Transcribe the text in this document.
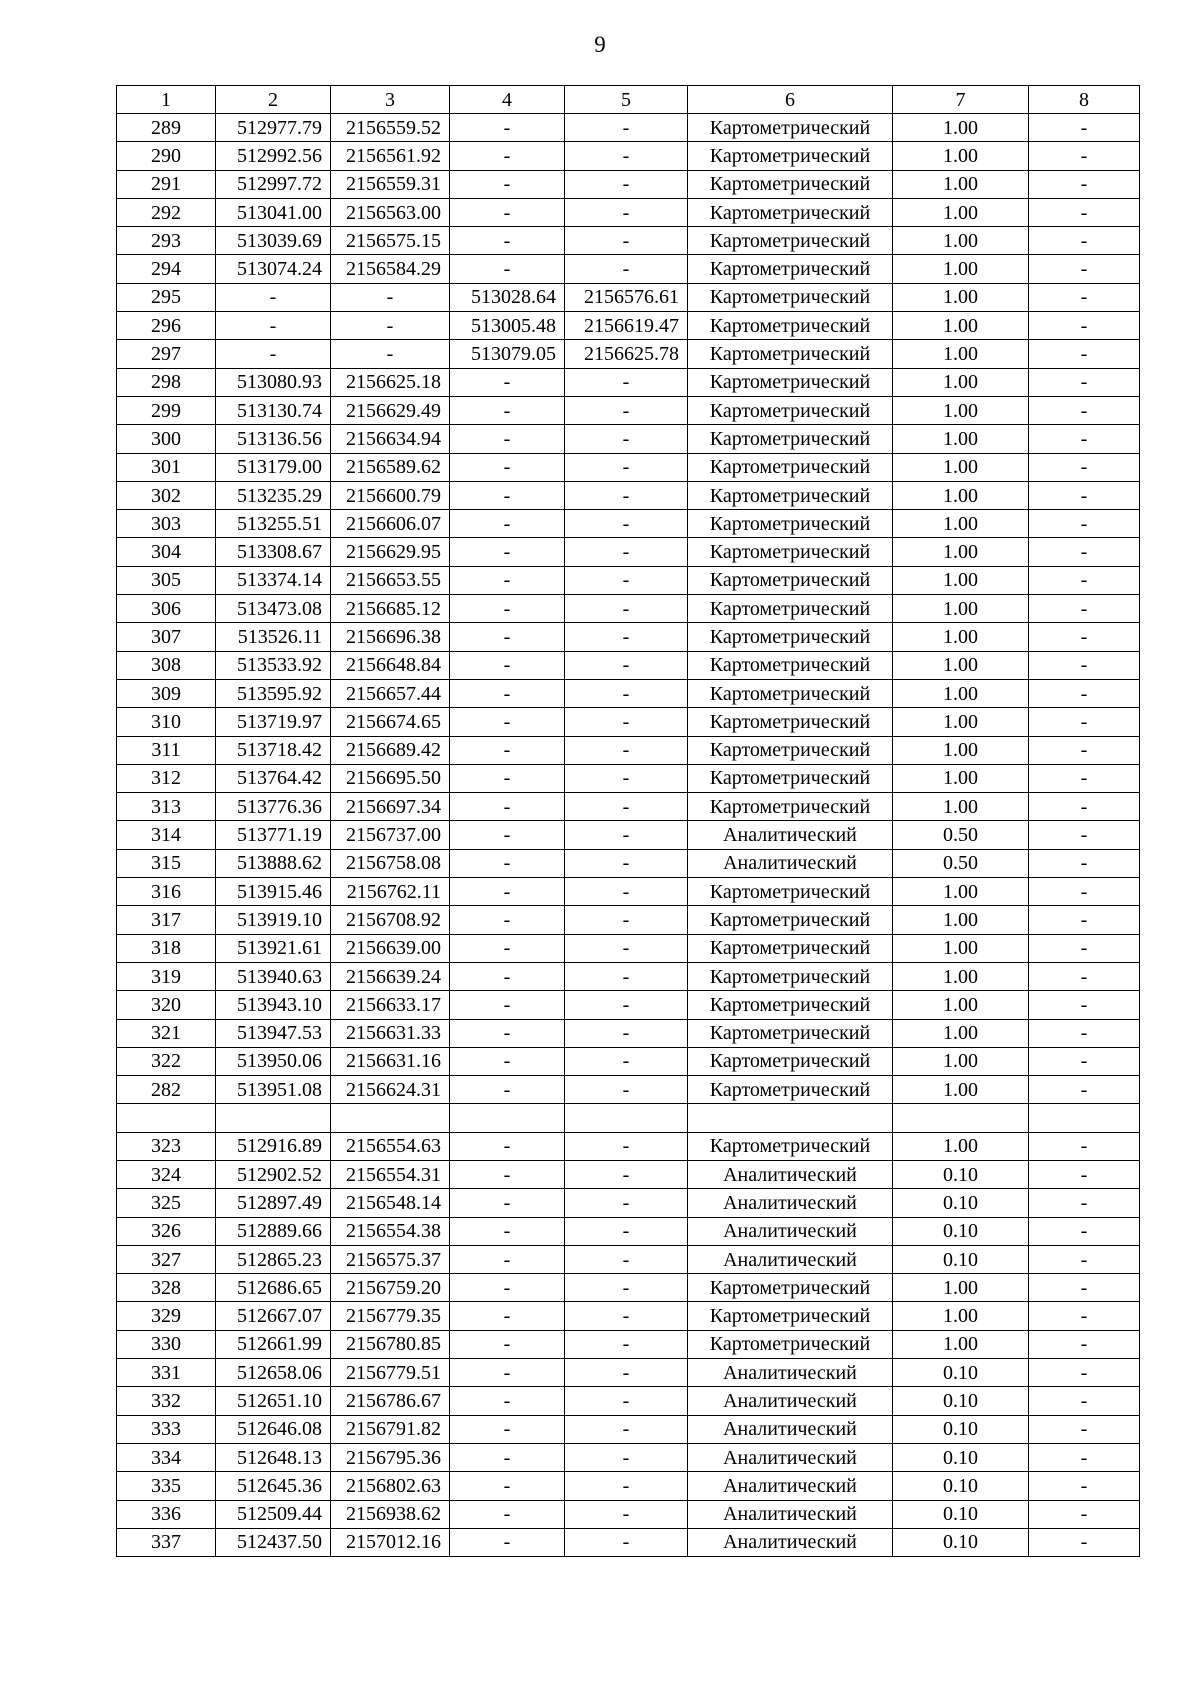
9
1	2	3	4	5	6	7	8
289	512977.79	2156559.52	-	-	Картометрический	1.00	-
290	512992.56	2156561.92	-	-	Картометрический	1.00	-
291	512997.72	2156559.31	-	-	Картометрический	1.00	-
292	513041.00	2156563.00	-	-	Картометрический	1.00	-
293	513039.69	2156575.15	-	-	Картометрический	1.00	-
294	513074.24	2156584.29	-	-	Картометрический	1.00	-
295	-	-	513028.64	2156576.61	Картометрический	1.00	-
296	-	-	513005.48	2156619.47	Картометрический	1.00	-
297	-	-	513079.05	2156625.78	Картометрический	1.00	-
298	513080.93	2156625.18	-	-	Картометрический	1.00	-
299	513130.74	2156629.49	-	-	Картометрический	1.00	-
300	513136.56	2156634.94	-	-	Картометрический	1.00	-
301	513179.00	2156589.62	-	-	Картометрический	1.00	-
302	513235.29	2156600.79	-	-	Картометрический	1.00	-
303	513255.51	2156606.07	-	-	Картометрический	1.00	-
304	513308.67	2156629.95	-	-	Картометрический	1.00	-
305	513374.14	2156653.55	-	-	Картометрический	1.00	-
306	513473.08	2156685.12	-	-	Картометрический	1.00	-
307	513526.11	2156696.38	-	-	Картометрический	1.00	-
308	513533.92	2156648.84	-	-	Картометрический	1.00	-
309	513595.92	2156657.44	-	-	Картометрический	1.00	-
310	513719.97	2156674.65	-	-	Картометрический	1.00	-
311	513718.42	2156689.42	-	-	Картометрический	1.00	-
312	513764.42	2156695.50	-	-	Картометрический	1.00	-
313	513776.36	2156697.34	-	-	Картометрический	1.00	-
314	513771.19	2156737.00	-	-	Аналитический	0.50	-
315	513888.62	2156758.08	-	-	Аналитический	0.50	-
316	513915.46	2156762.11	-	-	Картометрический	1.00	-
317	513919.10	2156708.92	-	-	Картометрический	1.00	-
318	513921.61	2156639.00	-	-	Картометрический	1.00	-
319	513940.63	2156639.24	-	-	Картометрический	1.00	-
320	513943.10	2156633.17	-	-	Картометрический	1.00	-
321	513947.53	2156631.33	-	-	Картометрический	1.00	-
322	513950.06	2156631.16	-	-	Картометрический	1.00	-
282	513951.08	2156624.31	-	-	Картометрический	1.00	-

323	512916.89	2156554.63	-	-	Картометрический	1.00	-
324	512902.52	2156554.31	-	-	Аналитический	0.10	-
325	512897.49	2156548.14	-	-	Аналитический	0.10	-
326	512889.66	2156554.38	-	-	Аналитический	0.10	-
327	512865.23	2156575.37	-	-	Аналитический	0.10	-
328	512686.65	2156759.20	-	-	Картометрический	1.00	-
329	512667.07	2156779.35	-	-	Картометрический	1.00	-
330	512661.99	2156780.85	-	-	Картометрический	1.00	-
331	512658.06	2156779.51	-	-	Аналитический	0.10	-
332	512651.10	2156786.67	-	-	Аналитический	0.10	-
333	512646.08	2156791.82	-	-	Аналитический	0.10	-
334	512648.13	2156795.36	-	-	Аналитический	0.10	-
335	512645.36	2156802.63	-	-	Аналитический	0.10	-
336	512509.44	2156938.62	-	-	Аналитический	0.10	-
337	512437.50	2157012.16	-	-	Аналитический	0.10	-
